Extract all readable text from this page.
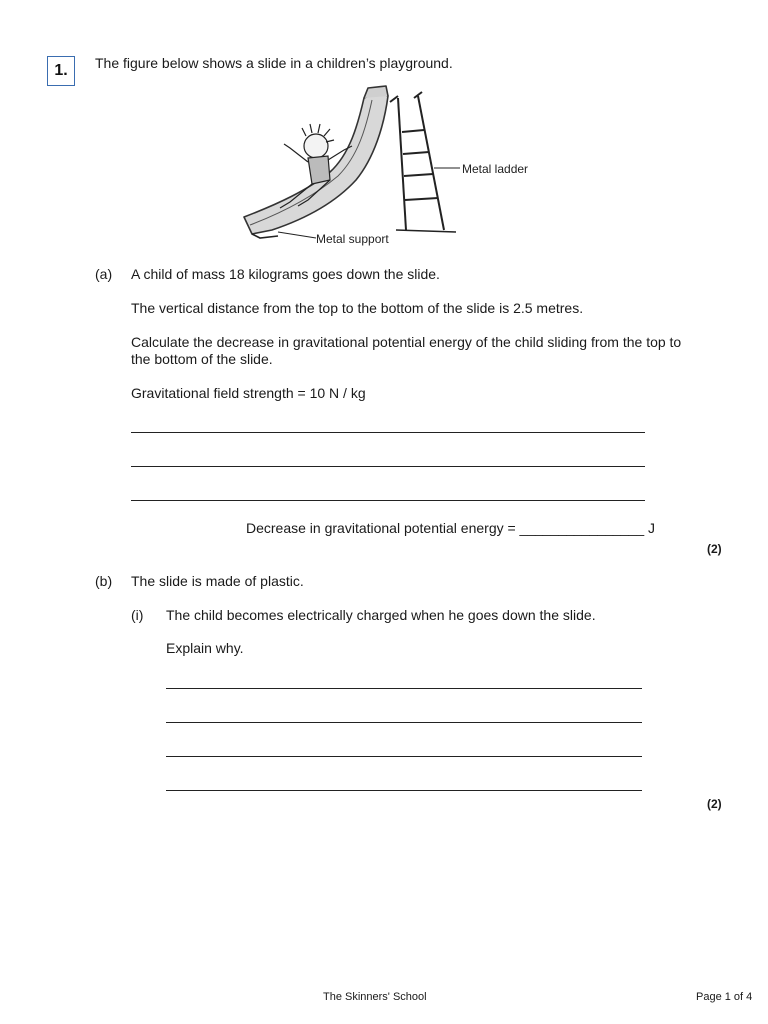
1.	The figure below shows a slide in a children’s playground.
Metal ladder
Metal support
(a) A child of mass 18 kilograms goes down the slide.
The vertical distance from the top to the bottom of the slide is 2.5 metres.
Calculate the decrease in gravitational potential energy of the child sliding from the top to
the bottom of the slide.
Gravitational field strength = 10 N / kg
Decrease in gravitational potential energy = ________________ J
(2)
(b) The slide is made of plastic.
(i) The child becomes electrically charged when he goes down the slide.
Explain why.
(2)
The Skinners' School	Page 1 of 4
